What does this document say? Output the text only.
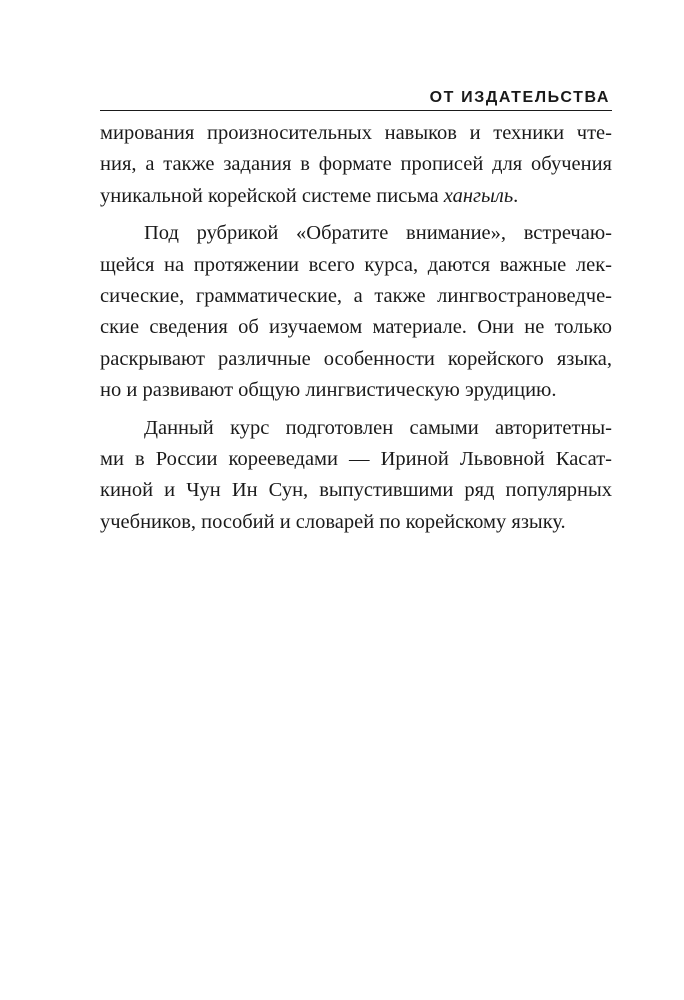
ОТ ИЗДАТЕЛЬСТВА
мирования произносительных навыков и техники чте-
ния, а также задания в формате прописей для обучения
уникальной корейской системе письма хангыль.
Под рубрикой «Обратите внимание», встречаю-
щейся на протяжении всего курса, даются важные лек-
сические, грамматические, а также лингвострановедче-
ские сведения об изучаемом материале. Они не только
раскрывают различные особенности корейского языка,
но и развивают общую лингвистическую эрудицию.
Данный курс подготовлен самыми авторитетны-
ми в России корееведами — Ириной Львовной Касат-
киной и Чун Ин Сун, выпустившими ряд популярных
учебников, пособий и словарей по корейскому языку.
